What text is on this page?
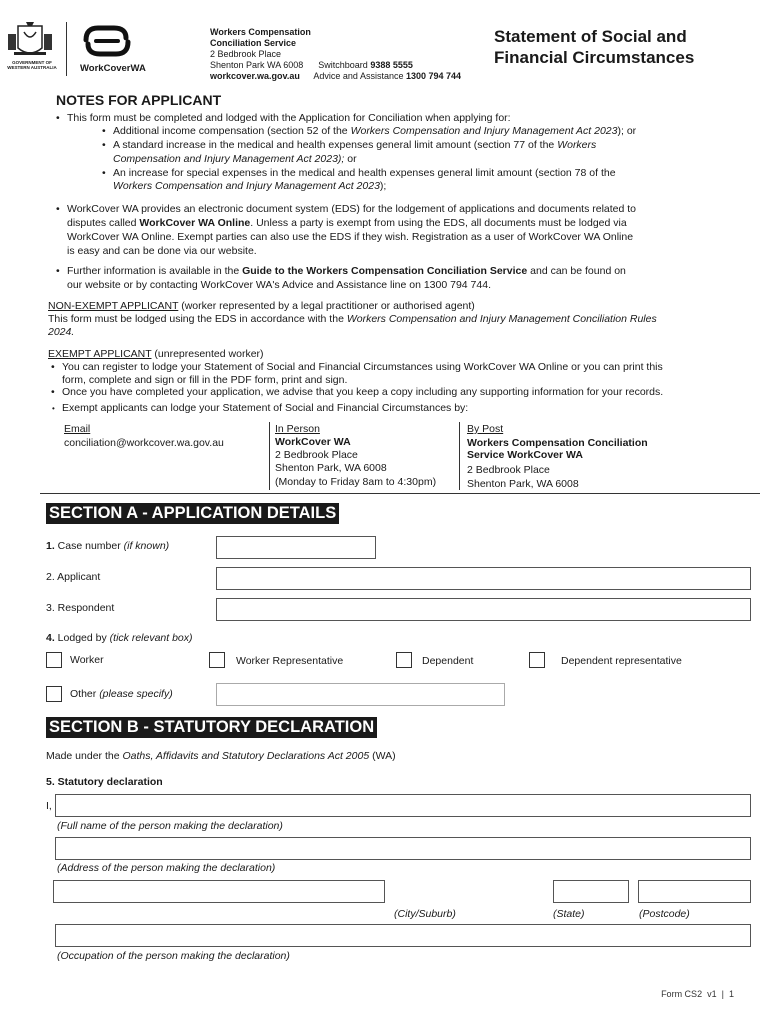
GOVERNMENT OF WESTERN AUSTRALIA	WorkCoverWA
Workers Compensation
Conciliation Service
2 Bedbrook Place
Shenton Park WA 6008 Switchboard 9388 5555
workcover.wa.gov.au Advice and Assistance 1300 794 744
Statement of Social and
Financial Circumstances
NOTES FOR APPLICANT
• This form must be completed and lodged with the Application for Conciliation when applying for:
• Additional income compensation (section 52 of the Workers Compensation and Injury Management Act 2023); or
• A standard increase in the medical and health expenses general limit amount (section 77 of the Workers
Compensation and Injury Management Act 2023); or
• An increase for special expenses in the medical and health expenses general limit amount (section 78 of the
Workers Compensation and Injury Management Act 2023);
• WorkCover WA provides an electronic document system (EDS) for the lodgement of applications and documents related to
disputes called WorkCover WA Online. Unless a party is exempt from using the EDS, all documents must be lodged via
WorkCover WA Online. Exempt parties can also use the EDS if they wish. Registration as a user of WorkCover WA Online
is easy and can be done via our website.
• Further information is available in the Guide to the Workers Compensation Conciliation Service and can be found on
our website or by contacting WorkCover WA's Advice and Assistance line on 1300 794 744.
NON-EXEMPT APPLICANT (worker represented by a legal practitioner or authorised agent)
This form must be lodged using the EDS in accordance with the Workers Compensation and Injury Management Conciliation Rules
2024.
EXEMPT APPLICANT (unrepresented worker)
• You can register to lodge your Statement of Social and Financial Circumstances using WorkCover WA Online or you can print this
form, complete and sign or fill in the PDF form, print and sign.
• Once you have completed your application, we advise that you keep a copy including any supporting information for your records.
• Exempt applicants can lodge your Statement of Social and Financial Circumstances by:
Email
conciliation@workcover.wa.gov.au
In Person
WorkCover WA
2 Bedbrook Place
Shenton Park, WA 6008
(Monday to Friday 8am to 4:30pm)
By Post
Workers Compensation Conciliation
Service WorkCover WA
2 Bedbrook Place
Shenton Park, WA 6008
SECTION A - APPLICATION DETAILS
1. Case number (if known)
2. Applicant
3. Respondent
4. Lodged by (tick relevant box)
Worker	Worker Representative	Dependent	Dependent representative
Other (please specify)
SECTION B - STATUTORY DECLARATION
Made under the Oaths, Affidavits and Statutory Declarations Act 2005 (WA)
5. Statutory declaration
I,
(Full name of the person making the declaration)
(Address of the person making the declaration)
(City/Suburb)	(State)	(Postcode)
(Occupation of the person making the declaration)
Form CS2 v1 | 1
